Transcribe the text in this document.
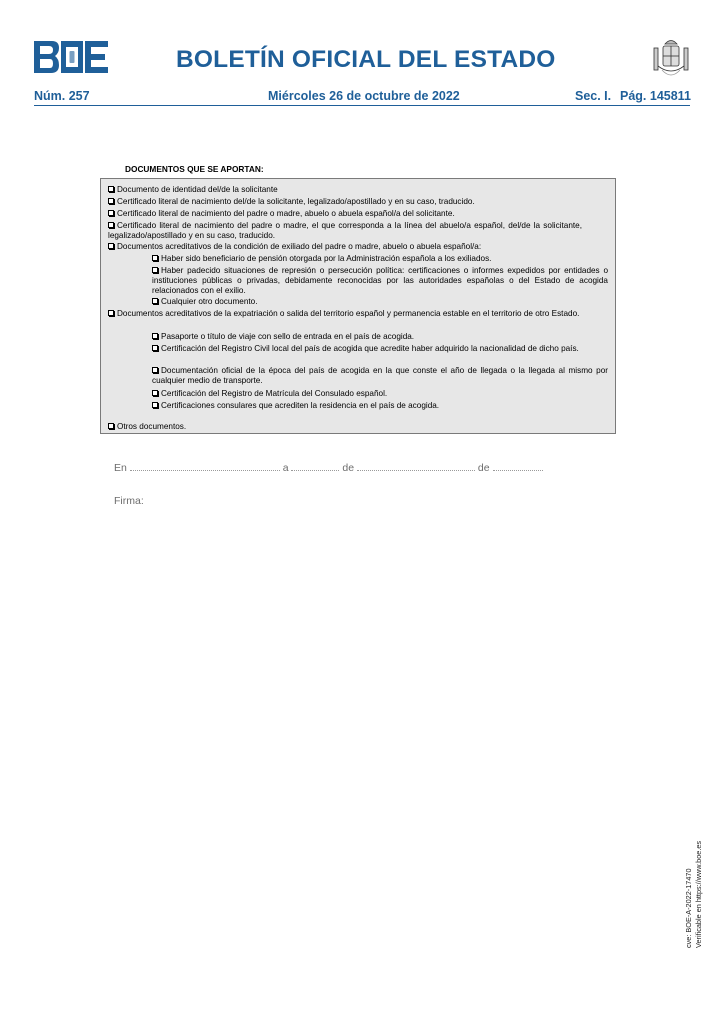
BOLETÍN OFICIAL DEL ESTADO
Núm. 257	Miércoles 26 de octubre de 2022	Sec. I. Pág. 145811
DOCUMENTOS QUE SE APORTAN:

Documento de identidad del/de la solicitante

Certificado literal de nacimiento del/de la solicitante, legalizado/apostillado y en su caso, traducido.

Certificado literal de nacimiento del padre o madre, abuelo o abuela español/a del solicitante.

Certificado literal de nacimiento del padre o madre, el que corresponda a la línea del abuelo/a español, del/de la solicitante, legalizado/apostillado y en su caso, traducido.

Documentos acreditativos de la condición de exiliado del padre o madre, abuelo o abuela español/a:

Haber sido beneficiario de pensión otorgada por la Administración española a los exiliados.

Haber padecido situaciones de represión o persecución política: certificaciones o informes expedidos por entidades o instituciones públicas o privadas, debidamente reconocidas por las autoridades españolas o del Estado de acogida relacionados con el exilio.

Cualquier otro documento.

Documentos acreditativos de la expatriación o salida del territorio español y permanencia estable en el territorio de otro Estado.

Pasaporte o título de viaje con sello de entrada en el país de acogida.

Certificación del Registro Civil local del país de acogida que acredite haber adquirido la nacionalidad de dicho país.

Documentación oficial de la época del país de acogida en la que conste el año de llegada o la llegada al mismo por cualquier medio de transporte.

Certificación del Registro de Matrícula del Consulado español.

Certificaciones consulares que acrediten la residencia en el país de acogida.

Otros documentos.

En	a	de	de
Firma:
cve: BOE-A-2022-17470 Verificable en https://www.boe.es
